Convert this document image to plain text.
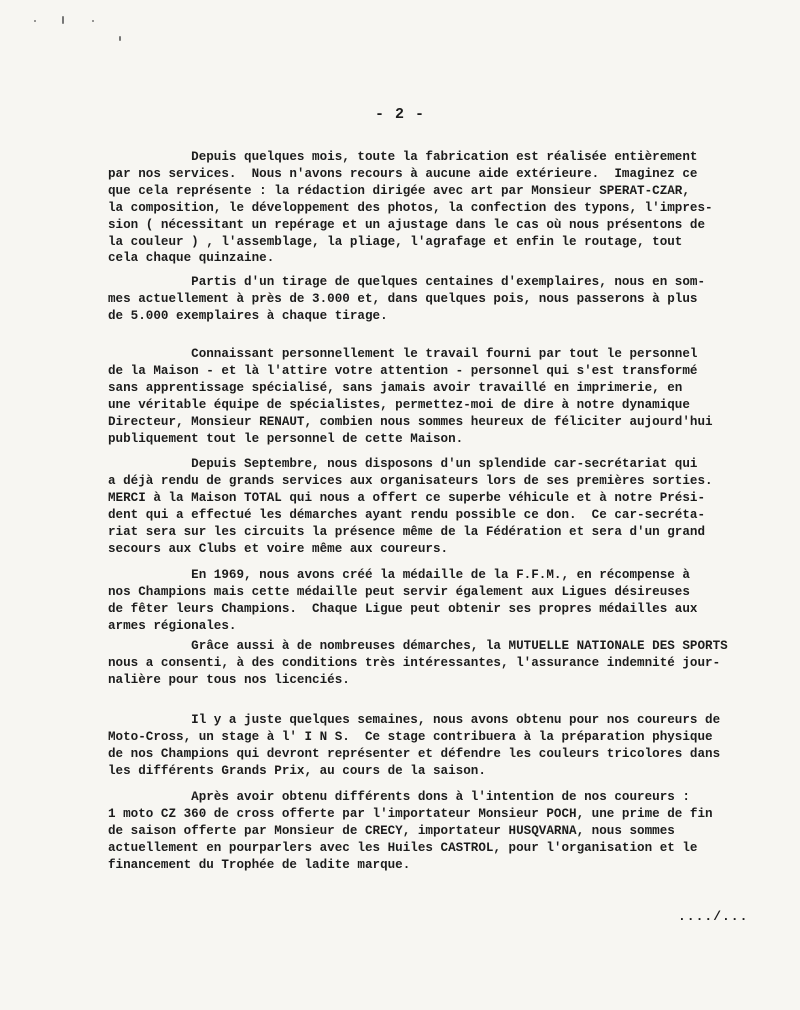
- 2 -

Depuis quelques mois, toute la fabrication est réalisée entièrement
par nos services.  Nous n'avons recours à aucune aide extérieure.  Imaginez ce
que cela représente : la rédaction dirigée avec art par Monsieur SPERAT-CZAR,
la composition, le développement des photos, la confection des typons, l'impres-
sion ( nécessitant un repérage et un ajustage dans le cas où nous présentons de
la couleur ) , l'assemblage, la pliage, l'agrafage et enfin le routage, tout
cela chaque quinzaine.

Partis d'un tirage de quelques centaines d'exemplaires, nous en som-
mes actuellement à près de 3.000 et, dans quelques pois, nous passerons à plus
de 5.000 exemplaires à chaque tirage.

Connaissant personnellement le travail fourni par tout le personnel
de la Maison - et là l'attire votre attention - personnel qui s'est transformé
sans apprentissage spécialisé, sans jamais avoir travaillé en imprimerie, en
une véritable équipe de spécialistes, permettez-moi de dire à notre dynamique
Directeur, Monsieur RENAUT, combien nous sommes heureux de féliciter aujourd'hui
publiquement tout le personnel de cette Maison.

Depuis Septembre, nous disposons d'un splendide car-secrétariat qui
a déjà rendu de grands services aux organisateurs lors de ses premières sorties.
MERCI à la Maison TOTAL qui nous a offert ce superbe véhicule et à notre Prési-
dent qui a effectué les démarches ayant rendu possible ce don.  Ce car-secréta-
riat sera sur les circuits la présence même de la Fédération et sera d'un grand
secours aux Clubs et voire même aux coureurs.

En 1969, nous avons créé la médaille de la F.F.M., en récompense à
nos Champions mais cette médaille peut servir également aux Ligues désireuses
de fêter leurs Champions.  Chaque Ligue peut obtenir ses propres médailles aux
armes régionales.

Grâce aussi à de nombreuses démarches, la MUTUELLE NATIONALE DES SPORTS
nous a consenti, à des conditions très intéressantes, l'assurance indemnité jour-
nalière pour tous nos licenciés.

Il y a juste quelques semaines, nous avons obtenu pour nos coureurs de
Moto-Cross, un stage à l' I N S.  Ce stage contribuera à la préparation physique
de nos Champions qui devront représenter et défendre les couleurs tricolores dans
les différents Grands Prix, au cours de la saison.

Après avoir obtenu différents dons à l'intention de nos coureurs :
1 moto CZ 360 de cross offerte par l'importateur Monsieur POCH, une prime de fin
de saison offerte par Monsieur de CRECY, importateur HUSQVARNA, nous sommes
actuellement en pourparlers avec les Huiles CASTROL, pour l'organisation et le
financement du Trophée de ladite marque.

..../...
